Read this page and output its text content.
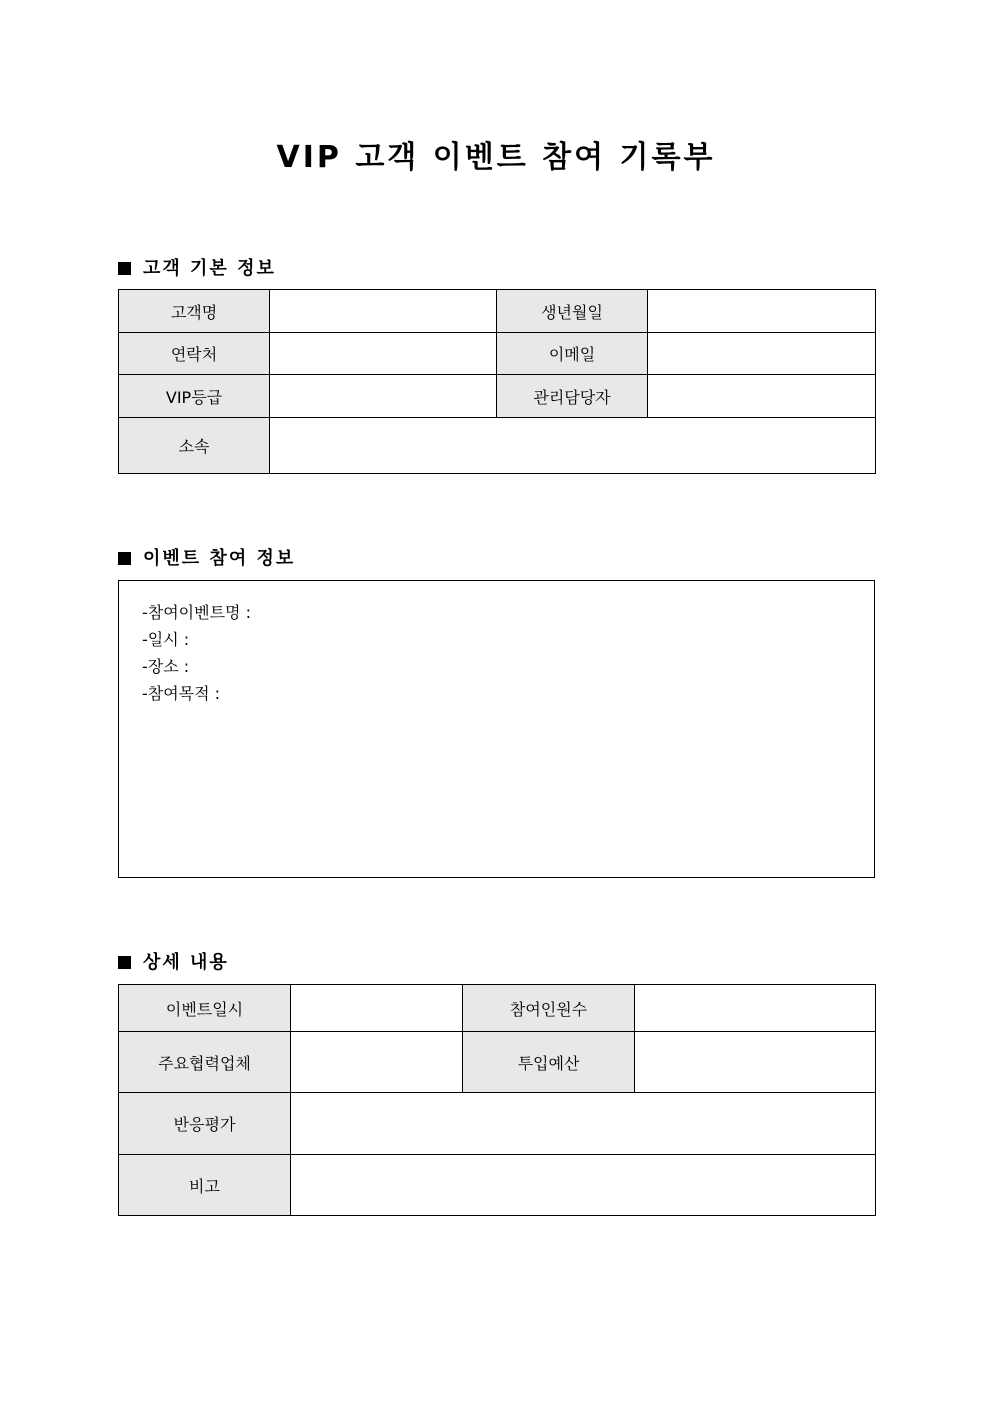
VIP 고객 이벤트 참여 기록부
고객 기본 정보
고객명		생년월일	
연락처		이메일	
VIP등급		관리담당자	
소속			
이벤트 참여 정보
-참여이벤트명 :
-일시 :
-장소 :
-참여목적 :
상세 내용
이벤트일시		참여인원수	
주요협력업체		투입예산	
반응평가			
비고			
